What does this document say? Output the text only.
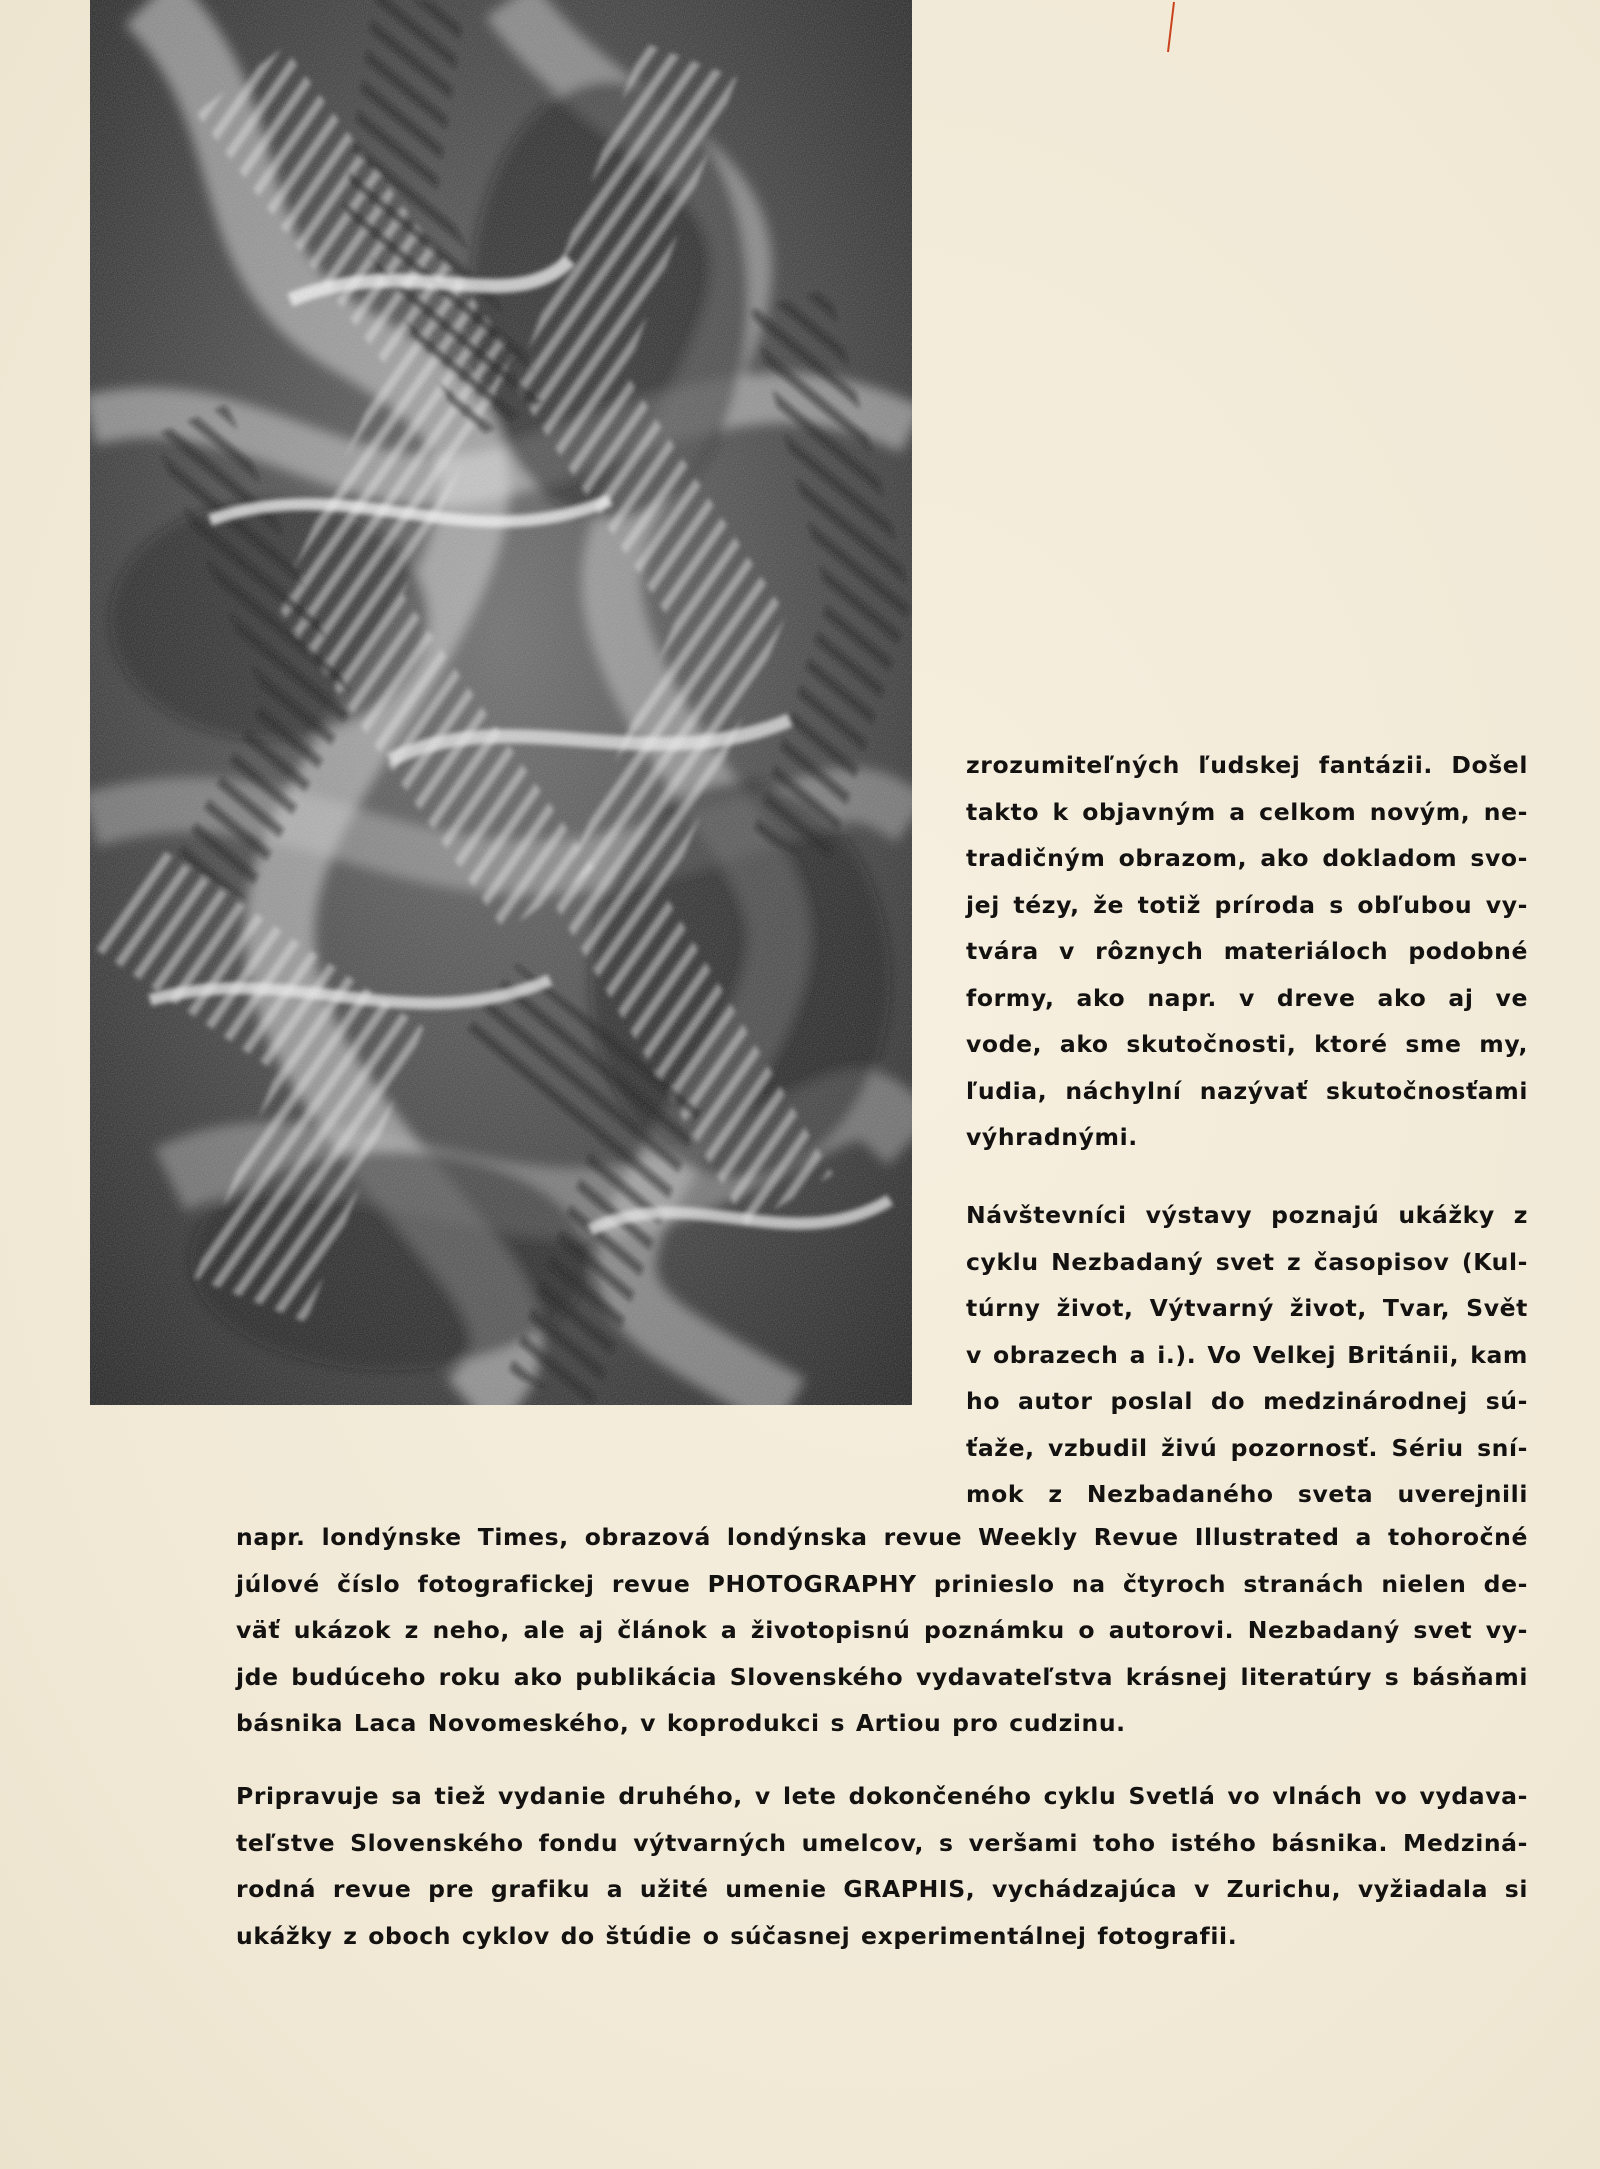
zrozumiteľných ľudskej fantázii. Došel
takto k objavným a celkom novým, ne-
tradičným obrazom, ako dokladom svo-
jej tézy, že totiž príroda s obľubou vy-
tvára v rôznych materiáloch podobné
formy, ako napr. v dreve ako aj ve
vode, ako skutočnosti, ktoré sme my,
ľudia, náchylní nazývať skutočnosťami
výhradnými.
Návštevníci výstavy poznajú ukážky z
cyklu Nezbadaný svet z časopisov (Kul-
túrny život, Výtvarný život, Tvar, Svět
v obrazech a i.). Vo Velkej Británii, kam
ho autor poslal do medzinárodnej sú-
ťaže, vzbudil živú pozornosť. Sériu sní-
mok z Nezbadaného sveta uverejnili
napr. londýnske Times, obrazová londýnska revue Weekly Revue Illustrated a tohoročné
júlové číslo fotografickej revue PHOTOGRAPHY prinieslo na čtyroch stranách nielen de-
väť ukázok z neho, ale aj článok a životopisnú poznámku o autorovi. Nezbadaný svet vy-
jde budúceho roku ako publikácia Slovenského vydavateľstva krásnej literatúry s básňami
básnika Laca Novomeského, v koprodukci s Artiou pro cudzinu.
Pripravuje sa tiež vydanie druhého, v lete dokončeného cyklu Svetlá vo vlnách vo vydava-
teľstve Slovenského fondu výtvarných umelcov, s veršami toho istého básnika. Medziná-
rodná revue pre grafiku a užité umenie GRAPHIS, vychádzajúca v Zurichu, vyžiadala si
ukážky z oboch cyklov do štúdie o súčasnej experimentálnej fotografii.
